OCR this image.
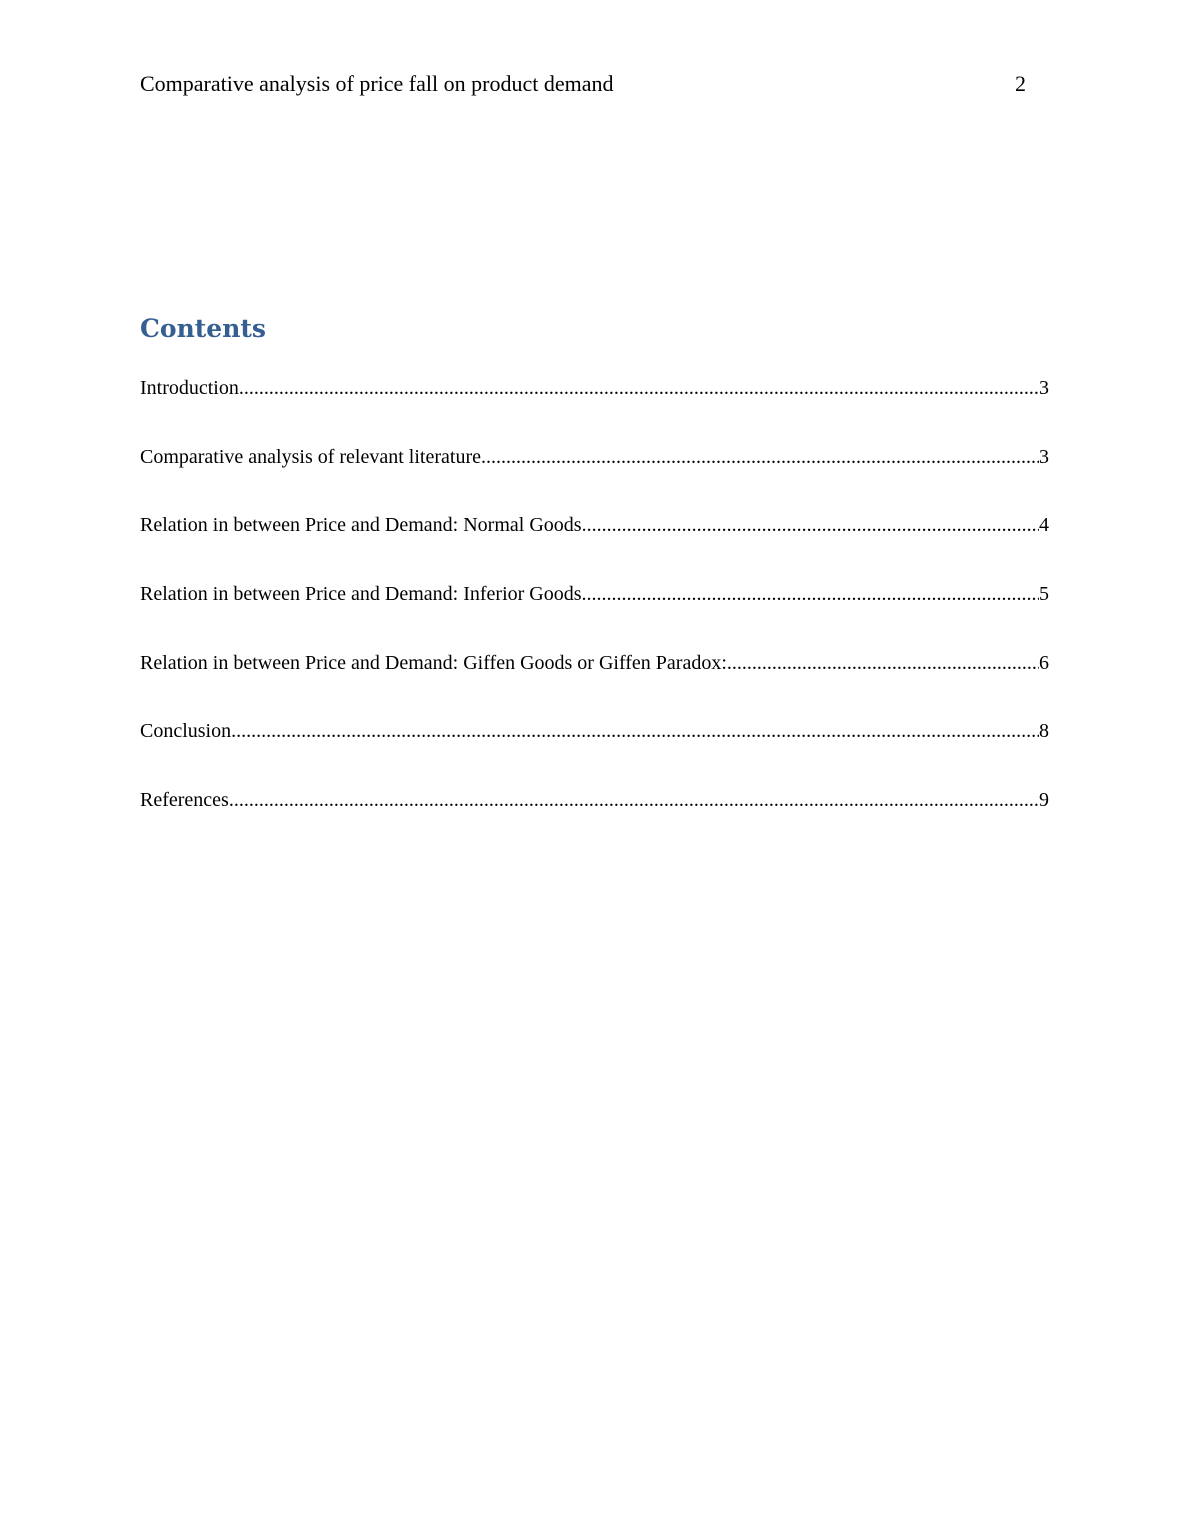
Comparative analysis of price fall on product demand	2
Contents
Introduction .....	3
Comparative analysis of relevant literature .....	3
Relation in between Price and Demand: Normal Goods .....	4
Relation in between Price and Demand: Inferior Goods .....	5
Relation in between Price and Demand: Giffen Goods or Giffen Paradox: .....	6
Conclusion .....	8
References .....	9
